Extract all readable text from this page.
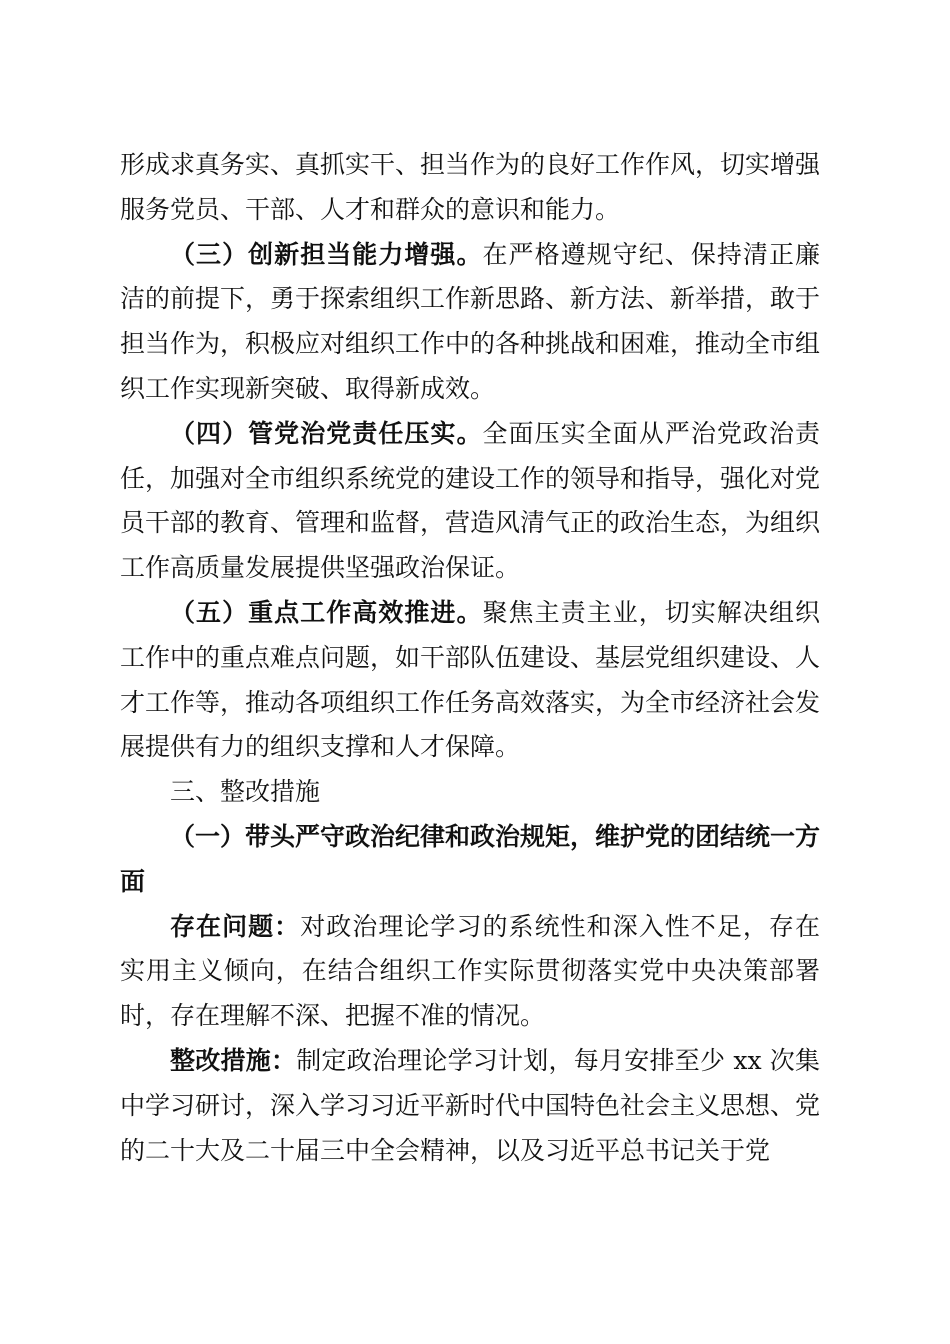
形成求真务实、真抓实干、担当作为的良好工作作风，切实增强服务党员、干部、人才和群众的意识和能力。

（三）创新担当能力增强。在严格遵规守纪、保持清正廉洁的前提下，勇于探索组织工作新思路、新方法、新举措，敢于担当作为，积极应对组织工作中的各种挑战和困难，推动全市组织工作实现新突破、取得新成效。

（四）管党治党责任压实。全面压实全面从严治党政治责任，加强对全市组织系统党的建设工作的领导和指导，强化对党员干部的教育、管理和监督，营造风清气正的政治生态，为组织工作高质量发展提供坚强政治保证。

（五）重点工作高效推进。聚焦主责主业，切实解决组织工作中的重点难点问题，如干部队伍建设、基层党组织建设、人才工作等，推动各项组织工作任务高效落实，为全市经济社会发展提供有力的组织支撑和人才保障。

三、整改措施

（一）带头严守政治纪律和政治规矩，维护党的团结统一方面

存在问题：对政治理论学习的系统性和深入性不足，存在实用主义倾向，在结合组织工作实际贯彻落实党中央决策部署时，存在理解不深、把握不准的情况。

整改措施：制定政治理论学习计划，每月安排至少 xx 次集中学习研讨，深入学习习近平新时代中国特色社会主义思想、党的二十大及二十届三中全会精神，以及习近平总书记关于党
